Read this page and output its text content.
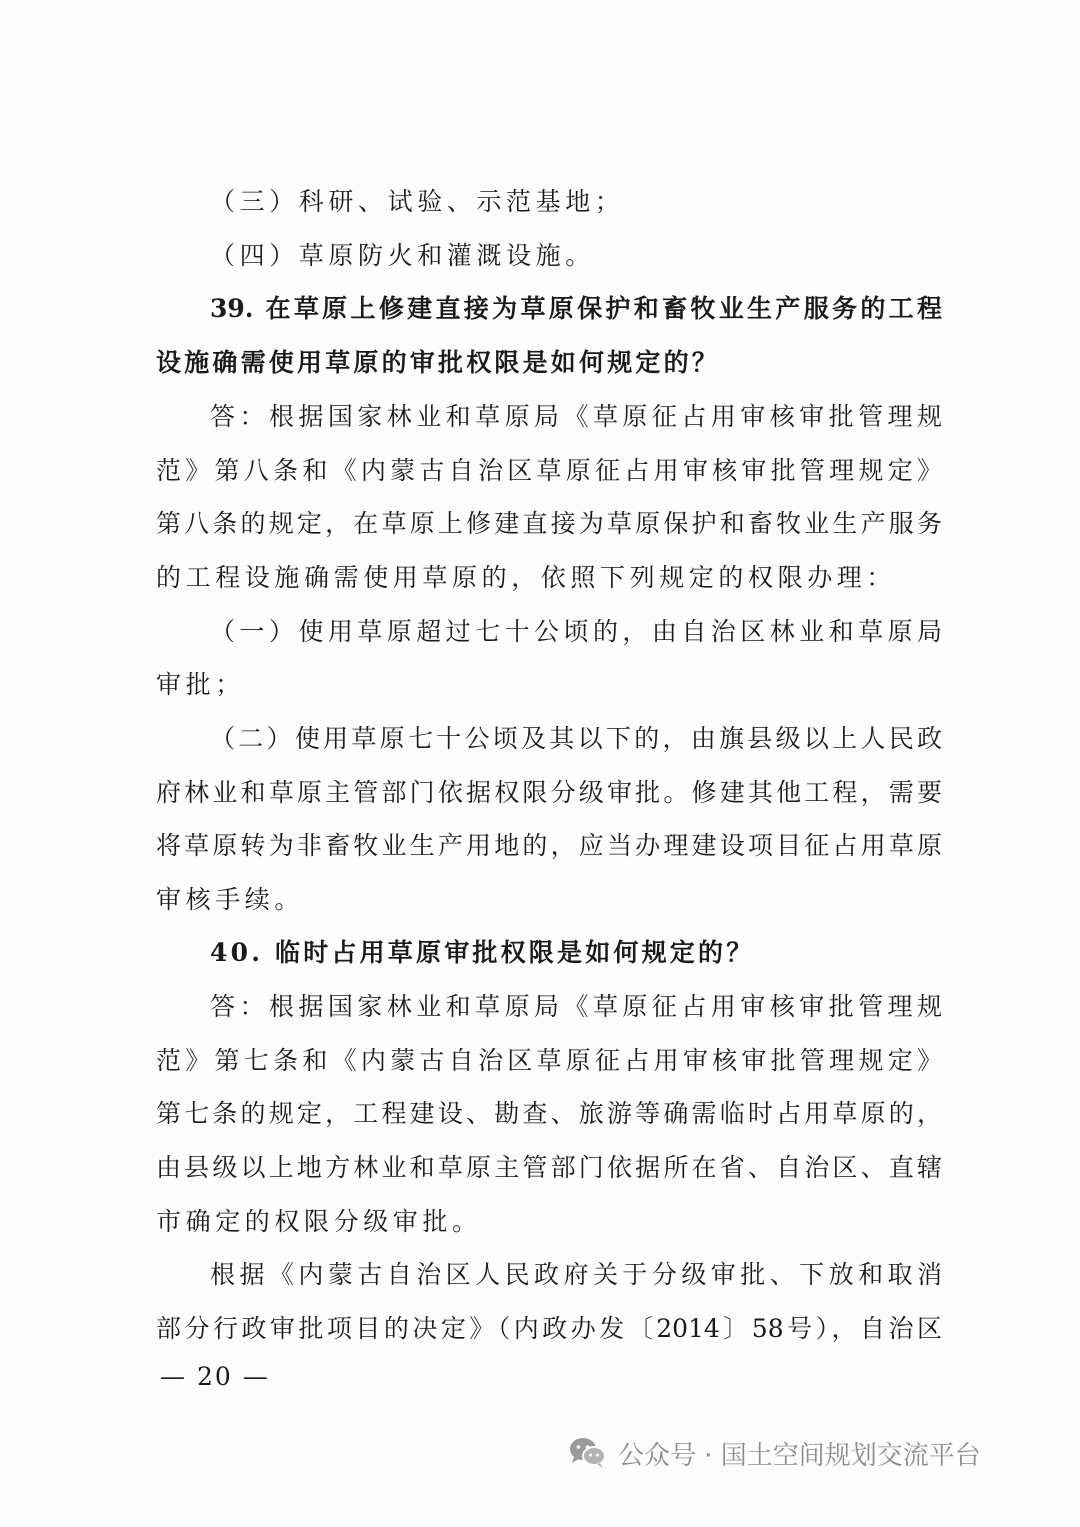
（三）科研、试验、示范基地；
（四）草原防火和灌溉设施。
39. 在草原上修建直接为草原保护和畜牧业生产服务的工程
设施确需使用草原的审批权限是如何规定的？
答：根据国家林业和草原局《草原征占用审核审批管理规
范》第八条和《内蒙古自治区草原征占用审核审批管理规定》
第八条的规定，在草原上修建直接为草原保护和畜牧业生产服务
的工程设施确需使用草原的，依照下列规定的权限办理：
（一）使用草原超过七十公顷的，由自治区林业和草原局
审批；
（二）使用草原七十公顷及其以下的，由旗县级以上人民政
府林业和草原主管部门依据权限分级审批。修建其他工程，需要
将草原转为非畜牧业生产用地的，应当办理建设项目征占用草原
审核手续。
40. 临时占用草原审批权限是如何规定的？
答：根据国家林业和草原局《草原征占用审核审批管理规
范》第七条和《内蒙古自治区草原征占用审核审批管理规定》
第七条的规定，工程建设、勘查、旅游等确需临时占用草原的，
由县级以上地方林业和草原主管部门依据所在省、自治区、直辖
市确定的权限分级审批。
根据《内蒙古自治区人民政府关于分级审批、下放和取消
部分行政审批项目的决定》（内政办发〔2014〕58号），自治区
— 20 —
公众号 · 国土空间规划交流平台
